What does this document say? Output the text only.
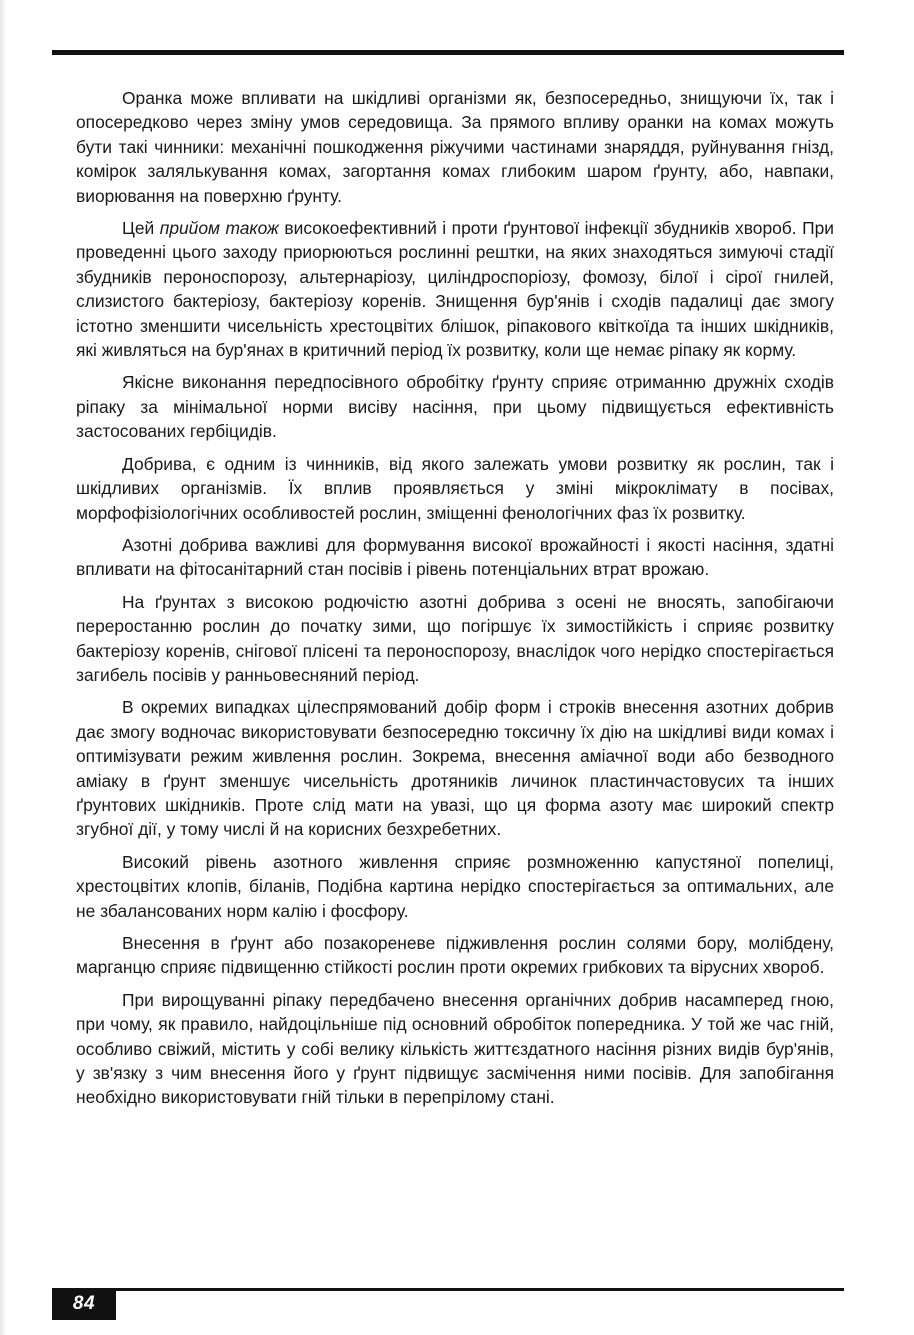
Оранка може впливати на шкідливі організми як, безпосередньо, знищуючи їх, так і опосередково через зміну умов середовища. За прямого впливу оранки на комах можуть бути такі чинники: механічні пошкодження ріжучими частинами знаряддя, руйнування гнізд, комірок залялькування комах, загортання комах глибоким шаром ґрунту, або, навпаки, виорювання на поверхню ґрунту.

Цей прийом також високоефективний і проти ґрунтової інфекції збудників хвороб. При проведенні цього заходу приорюються рослинні рештки, на яких знаходяться зимуючі стадії збудників пероноспорозу, альтернаріозу, циліндроспоріозу, фомозу, білої і сірої гнилей, слизистого бактеріозу, бактеріозу коренів. Знищення бур'янів і сходів падалиці дає змогу істотно зменшити чисельність хрестоцвітих блішок, ріпакового квіткоїда та інших шкідників, які живляться на бур'янах в критичний період їх розвитку, коли ще немає ріпаку як корму.

Якісне виконання передпосівного обробітку ґрунту сприяє отриманню дружніх сходів ріпаку за мінімальної норми висіву насіння, при цьому підвищується ефективність застосованих гербіцидів.

Добрива, є одним із чинників, від якого залежать умови розвитку як рослин, так і шкідливих організмів. Їх вплив проявляється у зміні мікроклімату в посівах, морфофізіологічних особливостей рослин, зміщенні фенологічних фаз їх розвитку.

Азотні добрива важливі для формування високої врожайності і якості насіння, здатні впливати на фітосанітарний стан посівів і рівень потенціальних втрат врожаю.

На ґрунтах з високою родючістю азотні добрива з осені не вносять, запобігаючи переростанню рослин до початку зими, що погіршує їх зимостійкість і сприяє розвитку бактеріозу коренів, снігової плісені та пероноспорозу, внаслідок чого нерідко спостерігається загибель посівів у ранньовесняний період.

В окремих випадках цілеспрямований добір форм і строків внесення азотних добрив дає змогу водночас використовувати безпосередню токсичну їх дію на шкідливі види комах і оптимізувати режим живлення рослин. Зокрема, внесення аміачної води або безводного аміаку в ґрунт зменшує чисельність дротяників личинок пластинчастовусих та інших ґрунтових шкідників. Проте слід мати на увазі, що ця форма азоту має широкий спектр згубної дії, у тому числі й на корисних безхребетних.

Високий рівень азотного живлення сприяє розмноженню капустяної попелиці, хрестоцвітих клопів, біланів, Подібна картина нерідко спостерігається за оптимальних, але не збалансованих норм калію і фосфору.

Внесення в ґрунт або позакореневе підживлення рослин солями бору, молібдену, марганцю сприяє підвищенню стійкості рослин проти окремих грибкових та вірусних хвороб.

При вирощуванні ріпаку передбачено внесення органічних добрив насамперед гною, при чому, як правило, найдоцільніше під основний обробіток попередника. У той же час гній, особливо свіжий, містить у собі велику кількість життєздатного насіння різних видів бур'янів, у зв'язку з чим внесення його у ґрунт підвищує засмічення ними посівів. Для запобігання необхідно використовувати гній тільки в перепрілому стані.

84
